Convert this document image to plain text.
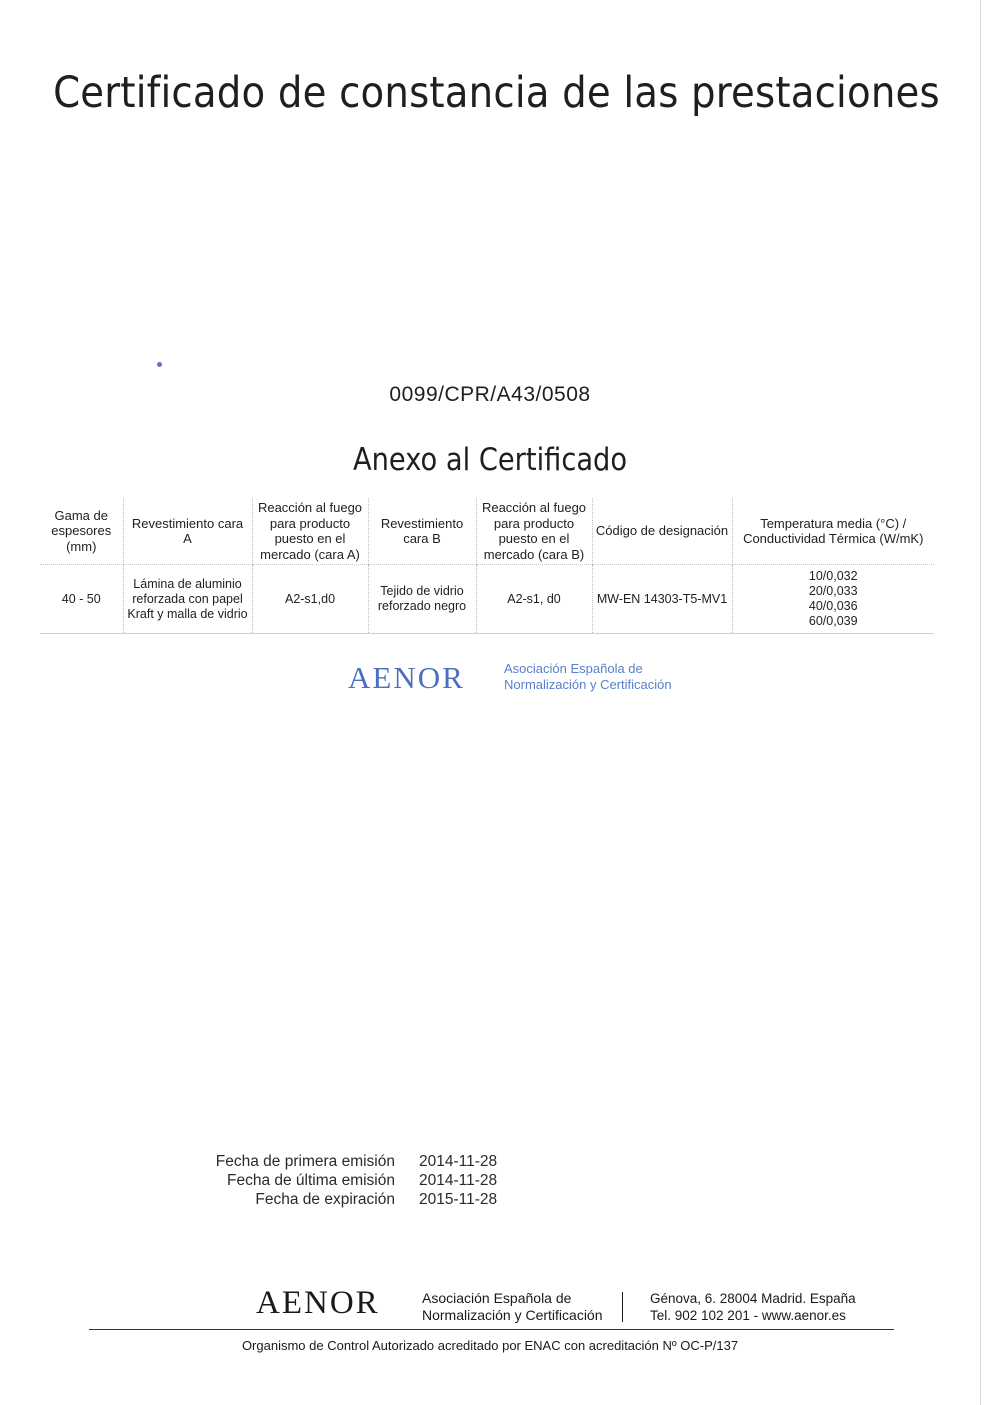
Certificado de constancia de las prestaciones
0099/CPR/A43/0508
Anexo al Certificado
Gama de espesores (mm)	Revestimiento cara A	Reacción al fuego para producto puesto en el mercado (cara A)	Revestimiento cara B	Reacción al fuego para producto puesto en el mercado (cara B)	Código de designación	Temperatura media (°C) / Conductividad Térmica (W/mK)
40 - 50	Lámina de aluminio reforzada con papel Kraft y malla de vidrio	A2-s1,d0	Tejido de vidrio reforzado negro	A2-s1, d0	MW-EN 14303-T5-MV1	10/0,032
20/0,033
40/0,036
60/0,039
AENOR	Asociación Española de
Normalización y Certificación
Fecha de primera emisión 2014-11-28
Fecha de última emisión 2014-11-28
Fecha de expiración 2015-11-28
AENOR	Asociación Española de
Normalización y Certificación
Génova, 6. 28004 Madrid. España
Tel. 902 102 201 - www.aenor.es
Organismo de Control Autorizado acreditado por ENAC con acreditación Nº OC-P/137
